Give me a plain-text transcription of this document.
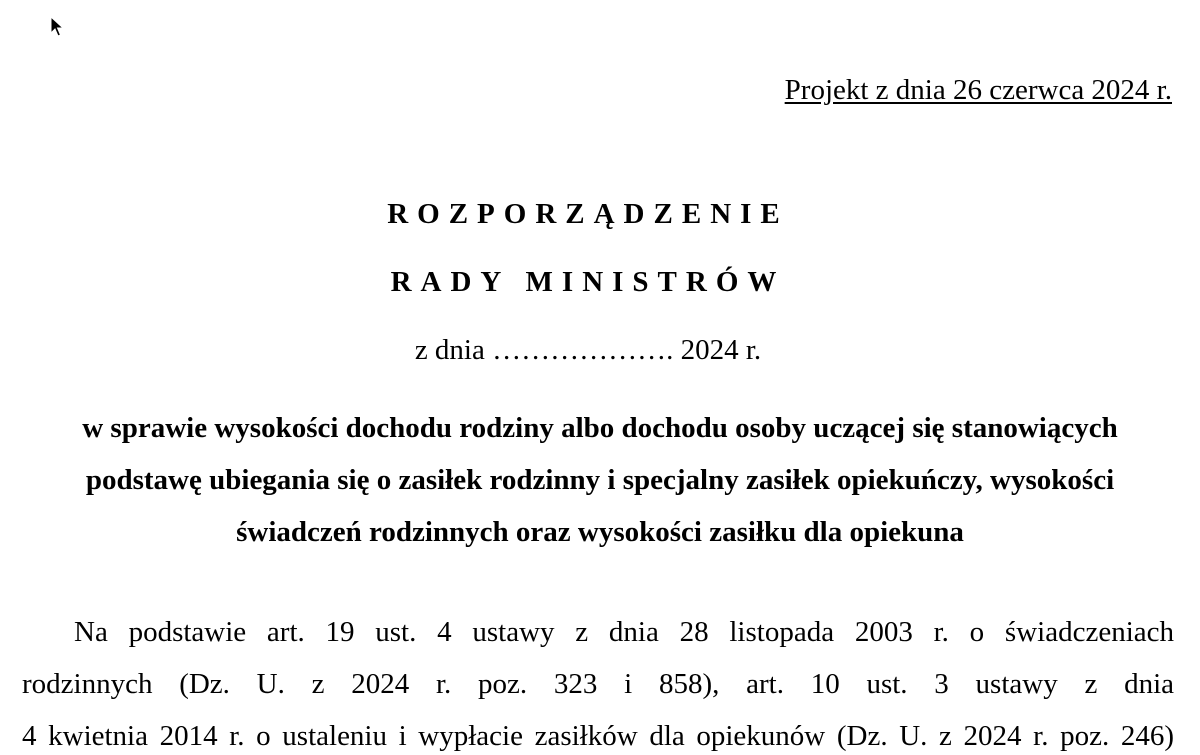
Projekt z dnia 26 czerwca 2024 r.
ROZPORZĄDZENIE
RADY MINISTRÓW
z dnia ………………. 2024 r.
w sprawie wysokości dochodu rodziny albo dochodu osoby uczącej się stanowiących
podstawę ubiegania się o zasiłek rodzinny i specjalny zasiłek opiekuńczy, wysokości
świadczeń rodzinnych oraz wysokości zasiłku dla opiekuna
Na podstawie art. 19 ust. 4 ustawy z dnia 28 listopada 2003 r. o świadczeniach
rodzinnych (Dz. U. z 2024 r. poz. 323 i 858), art. 10 ust. 3 ustawy z dnia
4 kwietnia 2014 r. o ustaleniu i wypłacie zasiłków dla opiekunów (Dz. U. z 2024 r. poz. 246)
